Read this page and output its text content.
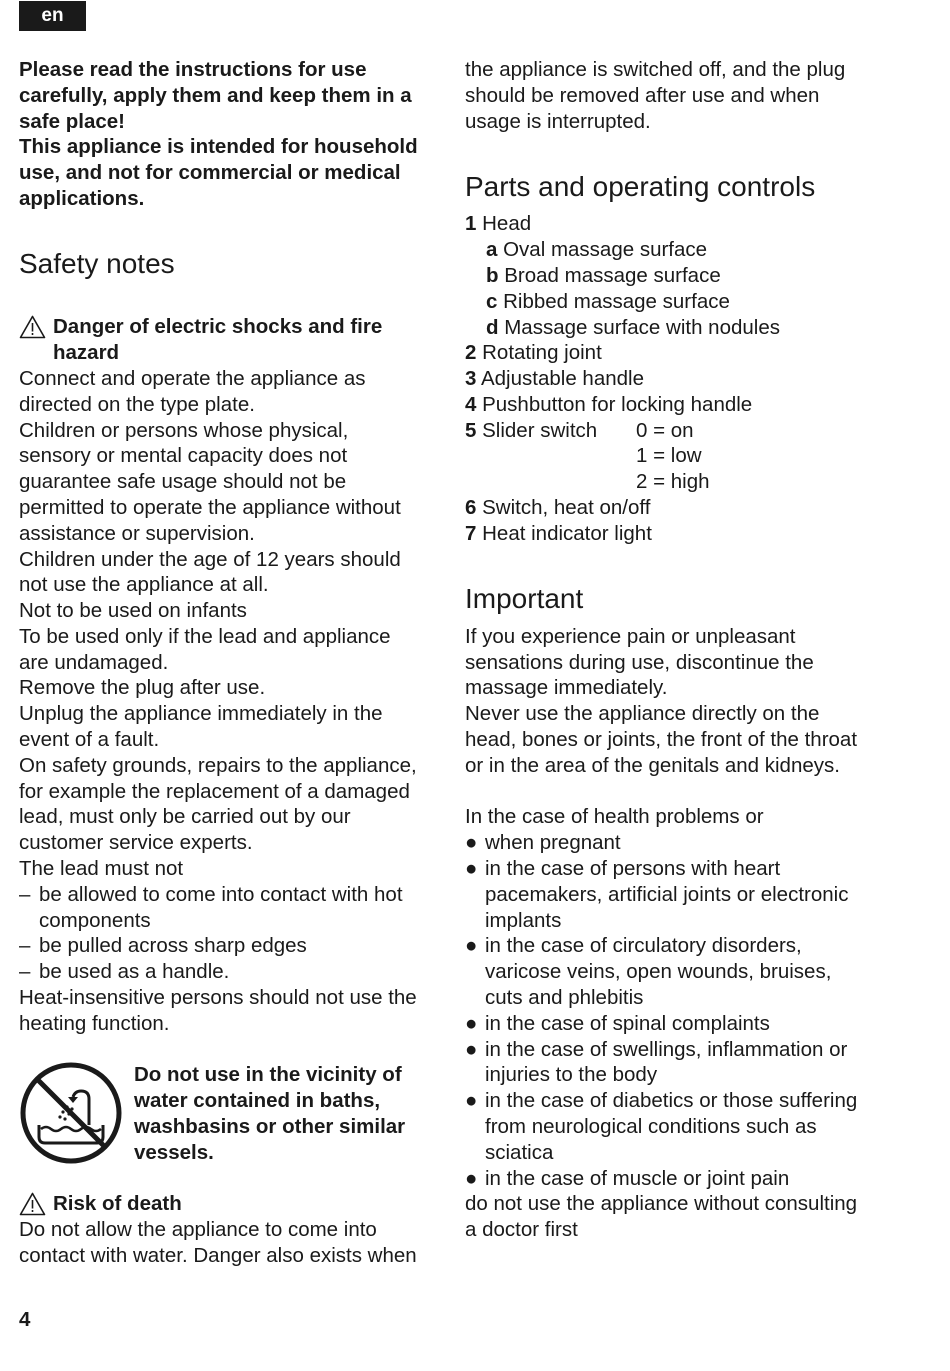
en
Please read the instructions for use
carefully, apply them and keep them in a
safe place!
This appliance is intended for household
use, and not for commercial or medical
applications.
Safety notes
Danger of electric shocks and fire
hazard
Connect and operate the appliance as
directed on the type plate.
Children or persons whose physical,
sensory or mental capacity does not
guarantee safe usage should not be
permitted to operate the appliance without
assistance or supervision.
Children under the age of 12 years should
not use the appliance at all.
Not to be used on infants
To be used only if the lead and appliance
are undamaged.
Remove the plug after use.
Unplug the appliance immediately in the
event of a fault.
On safety grounds, repairs to the appliance,
for example the replacement of a damaged
lead, must only be carried out by our
customer service experts.
The lead must not
– be allowed to come into contact with hot
components
– be pulled across sharp edges
– be used as a handle.
Heat-insensitive persons should not use the
heating function.
Do not use in the vicinity of
water contained in baths,
washbasins or other similar
vessels.
Risk of death
Do not allow the appliance to come into
contact with water. Danger also exists when
the appliance is switched off, and the plug
should be removed after use and when
usage is interrupted.
Parts and operating controls
1 Head
a Oval massage surface
b Broad massage surface
c Ribbed massage surface
d Massage surface with nodules
2 Rotating joint
3 Adjustable handle
4 Pushbutton for locking handle
5 Slider switch 0 = on
1 = low
2 = high
6 Switch, heat on/off
7 Heat indicator light
Important
If you experience pain or unpleasant
sensations during use, discontinue the
massage immediately.
Never use the appliance directly on the
head, bones or joints, the front of the throat
or in the area of the genitals and kidneys.
In the case of health problems or
● when pregnant
● in the case of persons with heart
pacemakers, artificial joints or electronic
implants
● in the case of circulatory disorders,
varicose veins, open wounds, bruises,
cuts and phlebitis
● in the case of spinal complaints
● in the case of swellings, inflammation or
injuries to the body
● in the case of diabetics or those suffering
from neurological conditions such as
sciatica
● in the case of muscle or joint pain
do not use the appliance without consulting
a doctor first
4
